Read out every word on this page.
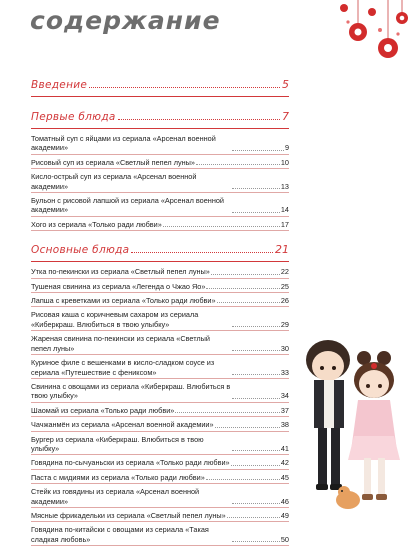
содержание
Введение	5
Первые блюда	7
Томатный суп с яйцами из сериала «Арсенал военной академии»	9
Рисовый суп из сериала «Светлый пепел луны»	10
Кисло-острый суп из сериала «Арсенал военной академии»	13
Бульон с рисовой лапшой из сериала «Арсенал военной академии»	14
Хого из сериала «Только ради любви»	17
Основные блюда	21
Утка по-пекински из сериала «Светлый пепел луны»	22
Тушеная свинина из сериала «Легенда о Чжао Яо»	25
Лапша с креветками из сериала «Только ради любви»	26
Рисовая каша с коричневым сахаром из сериала «Киберкраш. Влюбиться в твою улыбку»	29
Жареная свинина по-пекински из сериала «Светлый пепел луны»	30
Куриное филе с вешенками в кисло-сладком соусе из сериала «Путешествие с фениксом»	33
Свинина с овощами из сериала «Киберкраш. Влюбиться в твою улыбку»	34
Шаомай из сериала «Только ради любви»	37
Чачжанмён из сериала «Арсенал военной академии»	38
Бургер из сериала «Киберкраш. Влюбиться в твою улыбку»	41
Говядина по-сычуаньски из сериала «Только ради любви»	42
Паста с мидиями из сериала «Только ради любви»	45
Стейк из говядины из сериала «Арсенал военной академии»	46
Мясные фрикадельки из сериала «Светлый пепел луны»	49
Говядина по-китайски с овощами из сериала «Такая сладкая любовь»	50
